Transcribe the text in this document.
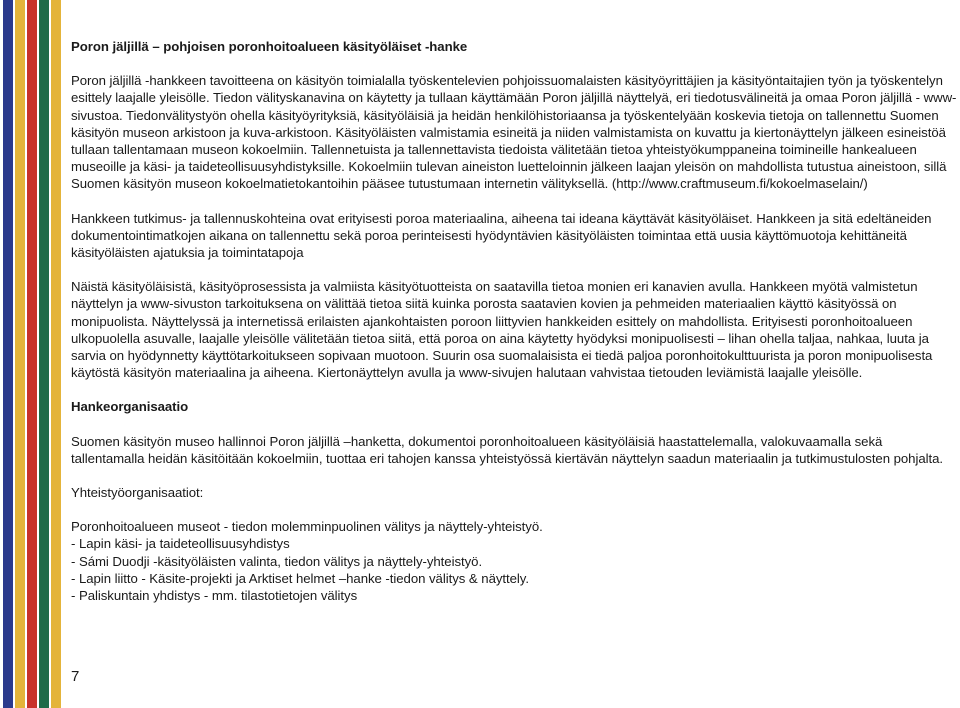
Poron jäljillä – pohjoisen poronhoitoalueen käsityöläiset -hanke

Poron jäljillä -hankkeen tavoitteena on käsityön toimialalla työskentelevien pohjoissuomalaisten käsityöyrittäjien ja käsityöntaitajien työn ja työskentelyn esittely laajalle yleisölle. Tiedon välityskanavina on käytetty ja tullaan käyttämään Poron jäljillä näyttelyä, eri tiedotusvälineitä ja omaa Poron jäljillä - www-sivustoa. Tiedonvälitystyön ohella käsityöyrityksiä, käsityöläisiä ja heidän henkilöhistoriaansa ja työskentelyään koskevia tietoja on tallennettu Suomen käsityön museon arkistoon ja kuva-arkistoon. Käsityöläisten valmistamia esineitä ja niiden valmistamista on kuvattu ja kiertonäyttelyn jälkeen esineistöä tullaan tallentamaan museon kokoelmiin. Tallennetuista ja tallennettavista tiedoista välitetään tietoa yhteistyökumppaneina toimineille hankealueen museoille ja käsi- ja taideteollisuusyhdistyksille. Kokoelmiin tulevan aineiston luetteloinnin jälkeen laajan yleisön on mahdollista tutustua aineistoon, sillä Suomen käsityön museon kokoelmatietokantoihin pääsee tutustumaan internetin välityksellä. (http://www.craftmuseum.fi/kokoelmaselain/)

Hankkeen tutkimus- ja tallennuskohteina ovat erityisesti poroa materiaalina, aiheena tai ideana käyttävät käsityöläiset. Hankkeen ja sitä edeltäneiden dokumentointimatkojen aikana on tallennettu sekä poroa perinteisesti hyödyntävien käsityöläisten toimintaa että uusia käyttömuotoja kehittäneitä käsityöläisten ajatuksia ja toimintatapoja

Näistä käsityöläisistä, käsityöprosessista ja valmiista käsityötuotteista on saatavilla tietoa monien eri kanavien avulla. Hankkeen myötä valmistetun näyttelyn ja www-sivuston tarkoituksena on välittää tietoa siitä kuinka porosta saatavien kovien ja pehmeiden materiaalien käyttö käsityössä on monipuolista. Näyttelyssä ja internetissä erilaisten ajankohtaisten poroon liittyvien hankkeiden esittely on mahdollista. Erityisesti poronhoitoalueen ulkopuolella asuvalle, laajalle yleisölle välitetään tietoa siitä, että poroa on aina käytetty hyödyksi monipuolisesti – lihan ohella taljaa, nahkaa, luuta ja sarvia on hyödynnetty käyttötarkoitukseen sopivaan muotoon. Suurin osa suomalaisista ei tiedä paljoa poronhoitokulttuurista ja poron monipuolisesta käytöstä käsityön materiaalina ja aiheena. Kiertonäyttelyn avulla ja www-sivujen halutaan vahvistaa tietouden leviämistä laajalle yleisölle.

Hankeorganisaatio

Suomen käsityön museo hallinnoi Poron jäljillä –hanketta, dokumentoi poronhoitoalueen käsityöläisiä haastattelemalla, valokuvaamalla sekä tallentamalla heidän käsitöitään kokoelmiin, tuottaa eri tahojen kanssa yhteistyössä kiertävän näyttelyn saadun materiaalin ja tutkimustulosten pohjalta.

Yhteistyöorganisaatiot:

Poronhoitoalueen museot - tiedon molemminpuolinen välitys ja näyttely-yhteistyö.
- Lapin käsi- ja taideteollisuusyhdistys
- Sámi Duodji -käsityöläisten valinta, tiedon välitys ja näyttely-yhteistyö.
- Lapin liitto - Käsite-projekti ja Arktiset helmet –hanke -tiedon välitys & näyttely.
- Paliskuntain yhdistys - mm. tilastotietojen välitys
7
